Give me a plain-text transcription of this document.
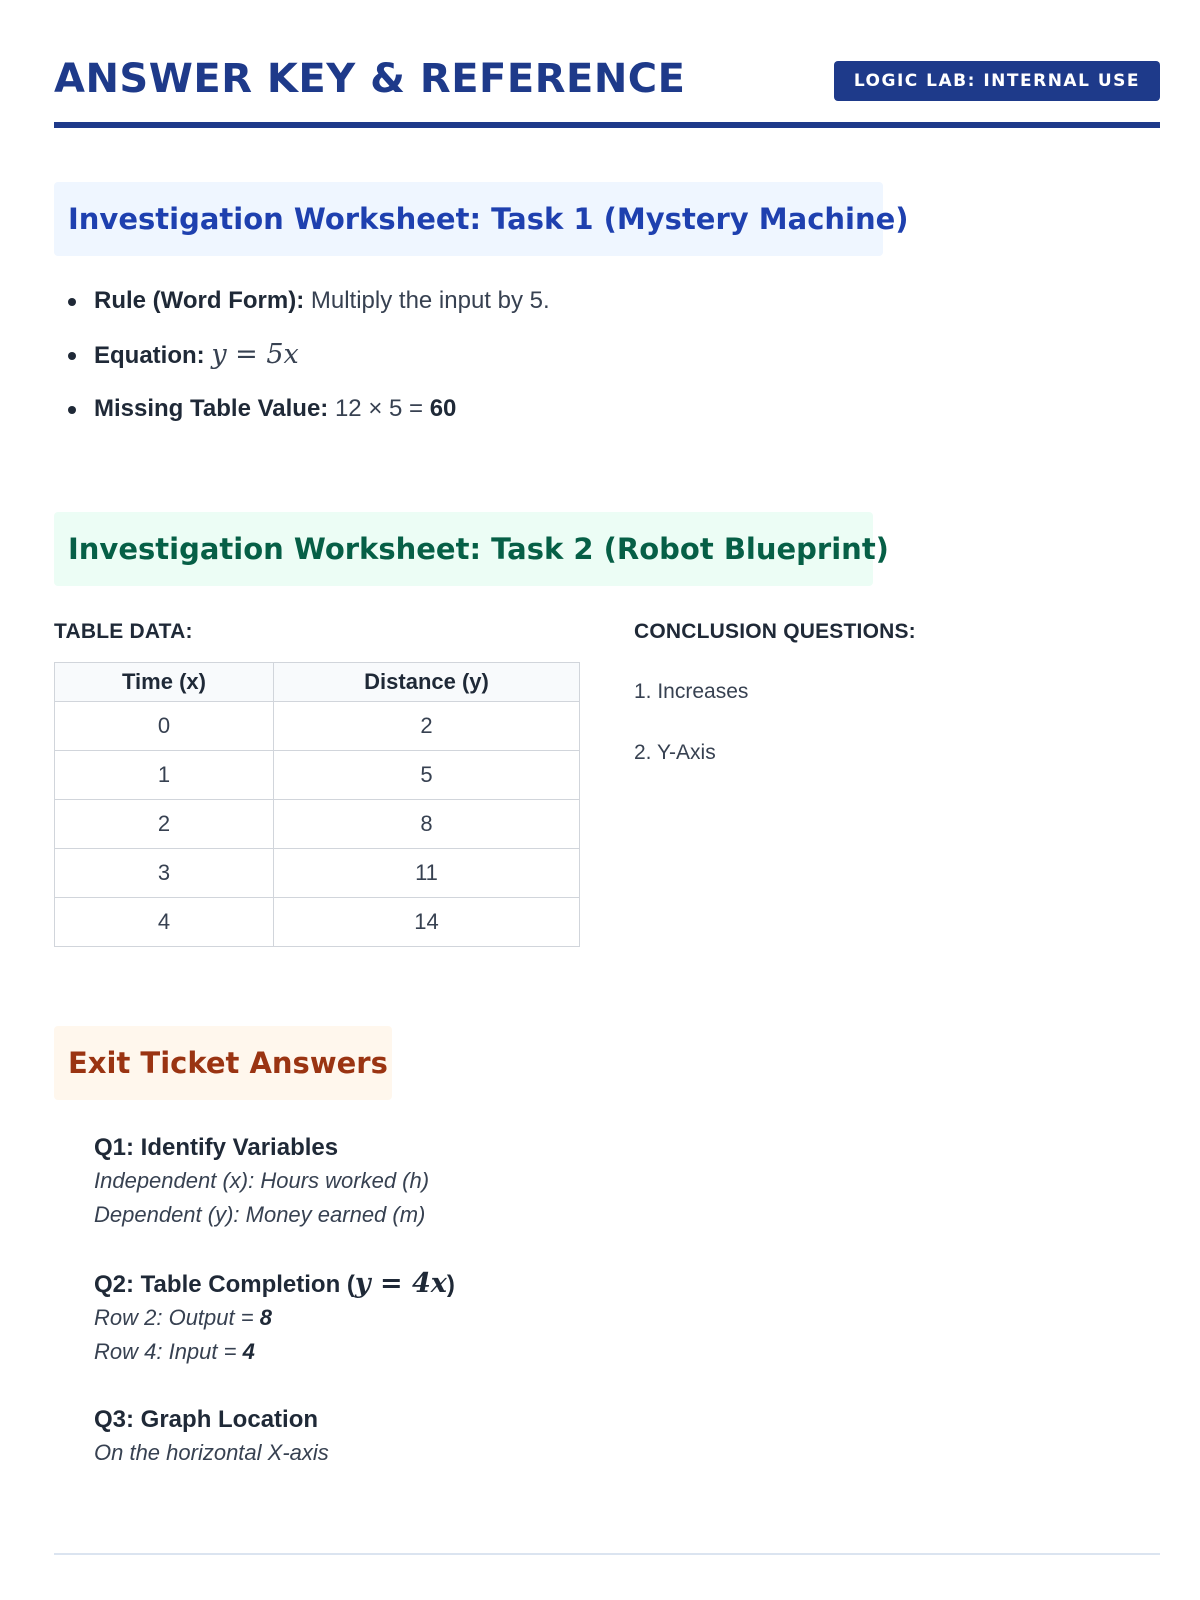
ANSWER KEY & REFERENCE	LOGIC LAB: INTERNAL USE
Investigation Worksheet: Task 1 (Mystery Machine)
Rule (Word Form): Multiply the input by 5.
Equation: y = 5x
Missing Table Value: 12 × 5 = 60
Investigation Worksheet: Task 2 (Robot Blueprint)
TABLE DATA:	CONCLUSION QUESTIONS:
Time (x)	Distance (y)
0	2
1	5
2	8
3	11
4	14
1. Increases
2. Y-Axis
Exit Ticket Answers
Q1: Identify Variables
Independent (x): Hours worked (h)
Dependent (y): Money earned (m)
Q2: Table Completion (y = 4x)
Row 2: Output = 8
Row 4: Input = 4
Q3: Graph Location
On the horizontal X-axis
